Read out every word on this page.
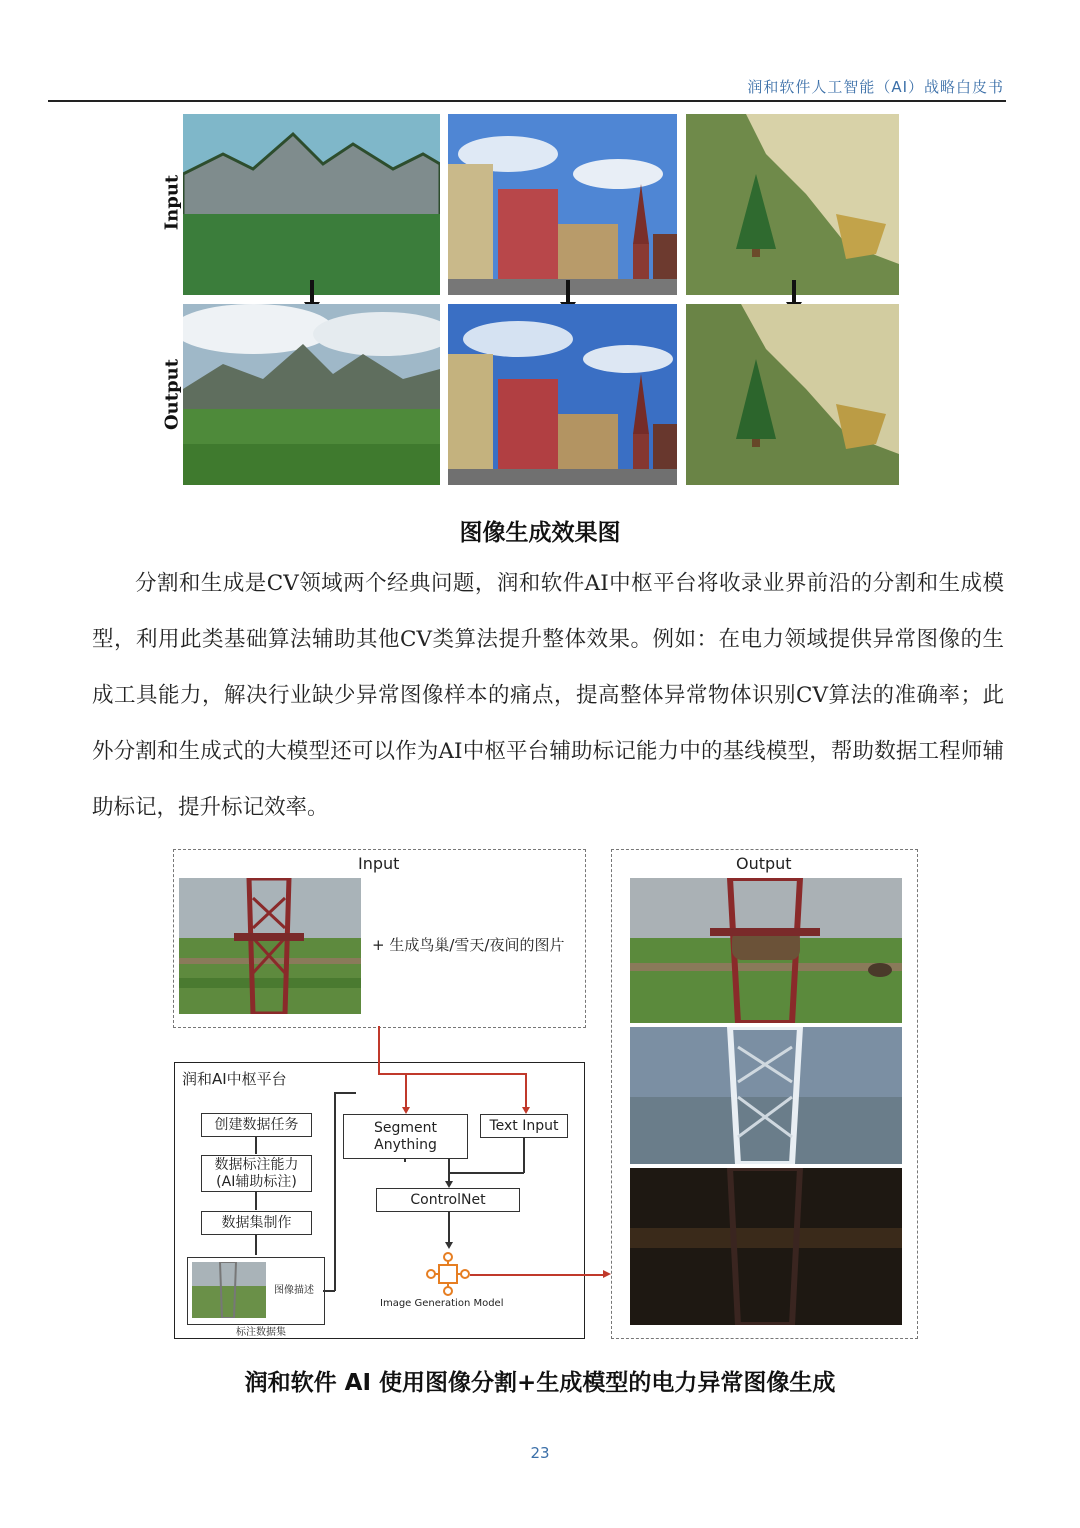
润和软件人工智能（AI）战略白皮书
Input
Output
图像生成效果图

分割和生成是CV领域两个经典问题，润和软件AI中枢平台将收录业界前沿的分割和生成模型，利用此类基础算法辅助其他CV类算法提升整体效果。例如：在电力领域提供异常图像的生成工具能力，解决行业缺少异常图像样本的痛点，提高整体异常物体识别CV算法的准确率；此外分割和生成式的大模型还可以作为AI中枢平台辅助标记能力中的基线模型，帮助数据工程师辅助标记，提升标记效率。

Input
+ 生成鸟巢/雪天/夜间的图片
Output
润和AI中枢平台
创建数据任务
数据标注能力
(AI辅助标注)
数据集制作
图像描述
标注数据集
Segment
Anything
Text Input
ControlNet
Image Generation Model
润和软件 AI 使用图像分割+生成模型的电力异常图像生成
23
